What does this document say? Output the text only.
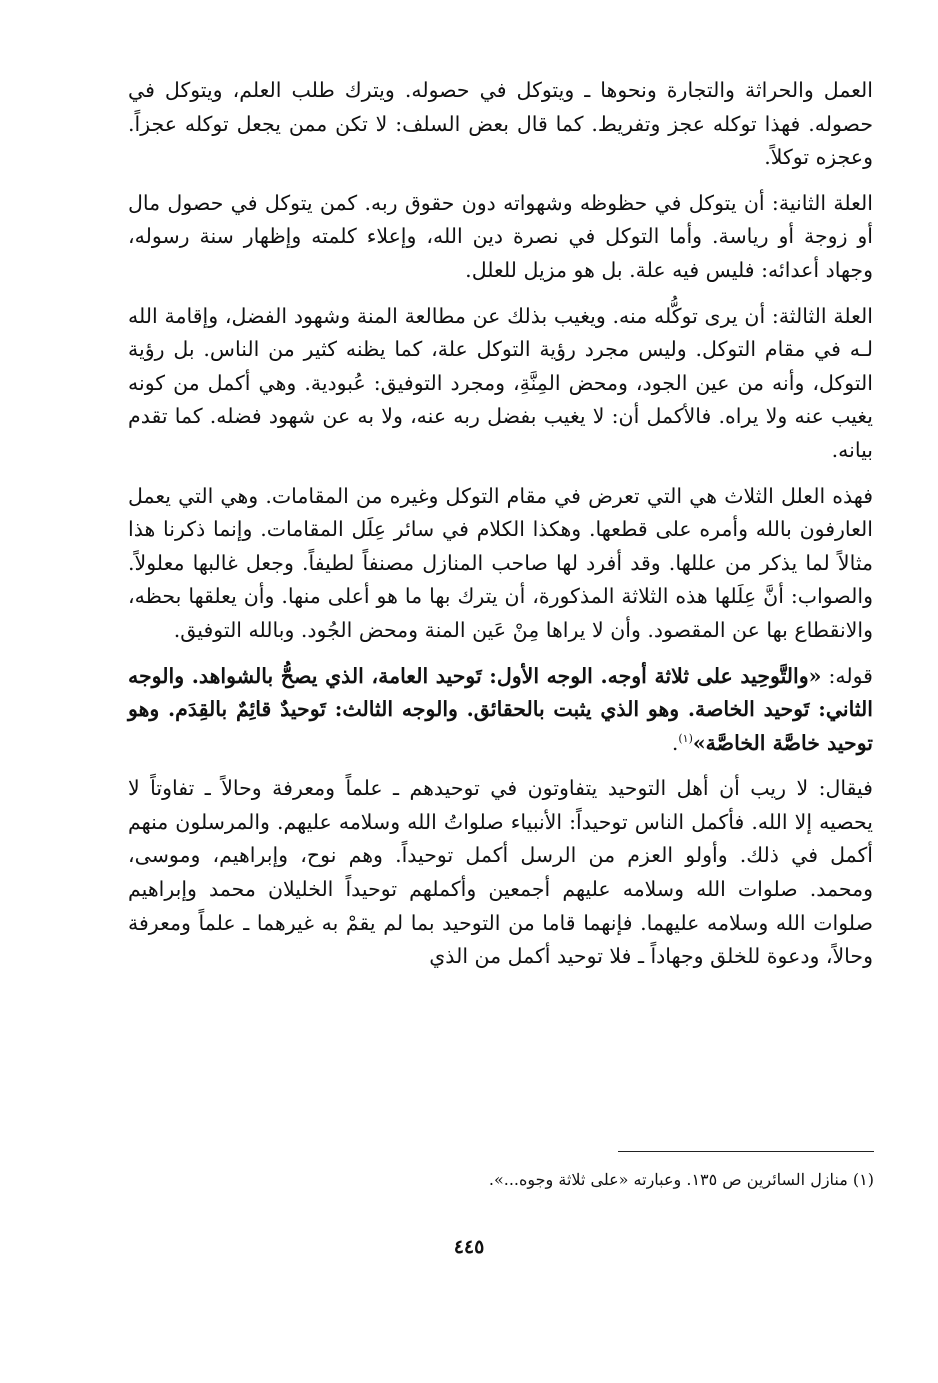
العمل والحراثة والتجارة ونحوها ـ ويتوكل في حصوله. ويترك طلب العلم، ويتوكل في حصوله. فهذا توكله عجز وتفريط. كما قال بعض السلف: لا تكن ممن يجعل توكله عجزاً. وعجزه توكلاً.

العلة الثانية: أن يتوكل في حظوظه وشهواته دون حقوق ربه. كمن يتوكل في حصول مال أو زوجة أو رياسة. وأما التوكل في نصرة دين الله، وإعلاء كلمته وإظهار سنة رسوله، وجهاد أعدائه: فليس فيه علة. بل هو مزيل للعلل.

العلة الثالثة: أن يرى توكُّله منه. ويغيب بذلك عن مطالعة المنة وشهود الفضل، وإقامة الله لـه في مقام التوكل. وليس مجرد رؤية التوكل علة، كما يظنه كثير من الناس. بل رؤية التوكل، وأنه من عين الجود، ومحض المِنَّةِ، ومجرد التوفيق: عُبودية. وهي أكمل من كونه يغيب عنه ولا يراه. فالأكمل أن: لا يغيب بفضل ربه عنه، ولا به عن شهود فضله. كما تقدم بيانه.

فهذه العلل الثلاث هي التي تعرض في مقام التوكل وغيره من المقامات. وهي التي يعمل العارفون بالله وأمره على قطعها. وهكذا الكلام في سائر عِلَل المقامات. وإنما ذكرنا هذا مثالاً لما يذكر من عللها. وقد أفرد لها صاحب المنازل مصنفاً لطيفاً. وجعل غالبها معلولاً. والصواب: أنَّ عِلَلها هذه الثلاثة المذكورة، أن يترك بها ما هو أعلى منها. وأن يعلقها بحظه، والانقطاع بها عن المقصود. وأن لا يراها مِنْ عَين المنة ومحض الجُود. وبالله التوفيق.

قوله: «والتَّوحِيد على ثلاثة أوجه. الوجه الأول: تَوحيد العامة، الذي يصحُّ بالشواهد. والوجه الثاني: تَوحيد الخاصة. وهو الذي يثبت بالحقائق. والوجه الثالث: تَوحيدٌ قائِمٌ بالقِدَم. وهو توحيد خاصَّة الخاصَّة»$^{(١)}$.

فيقال: لا ريب أن أهل التوحيد يتفاوتون في توحيدهم ـ علماً ومعرفة وحالاً ـ تفاوتاً لا يحصيه إلا الله. فأكمل الناس توحيداً: الأنبياء صلواتُ الله وسلامه عليهم. والمرسلون منهم أكمل في ذلك. وأولو العزم من الرسل أكمل توحيداً. وهم نوح، وإبراهيم، وموسى، ومحمد. صلوات الله وسلامه عليهم أجمعين وأكملهم توحيداً الخليلان محمد وإبراهيم صلوات الله وسلامه عليهما. فإنهما قاما من التوحيد بما لم يقمْ به غيرهما ـ علماً ومعرفة وحالاً، ودعوة للخلق وجهاداً ـ فلا توحيد أكمل من الذي

(١) منازل السائرين ص ١٣٥. وعبارته «على ثلاثة وجوه...».
٤٤٥
